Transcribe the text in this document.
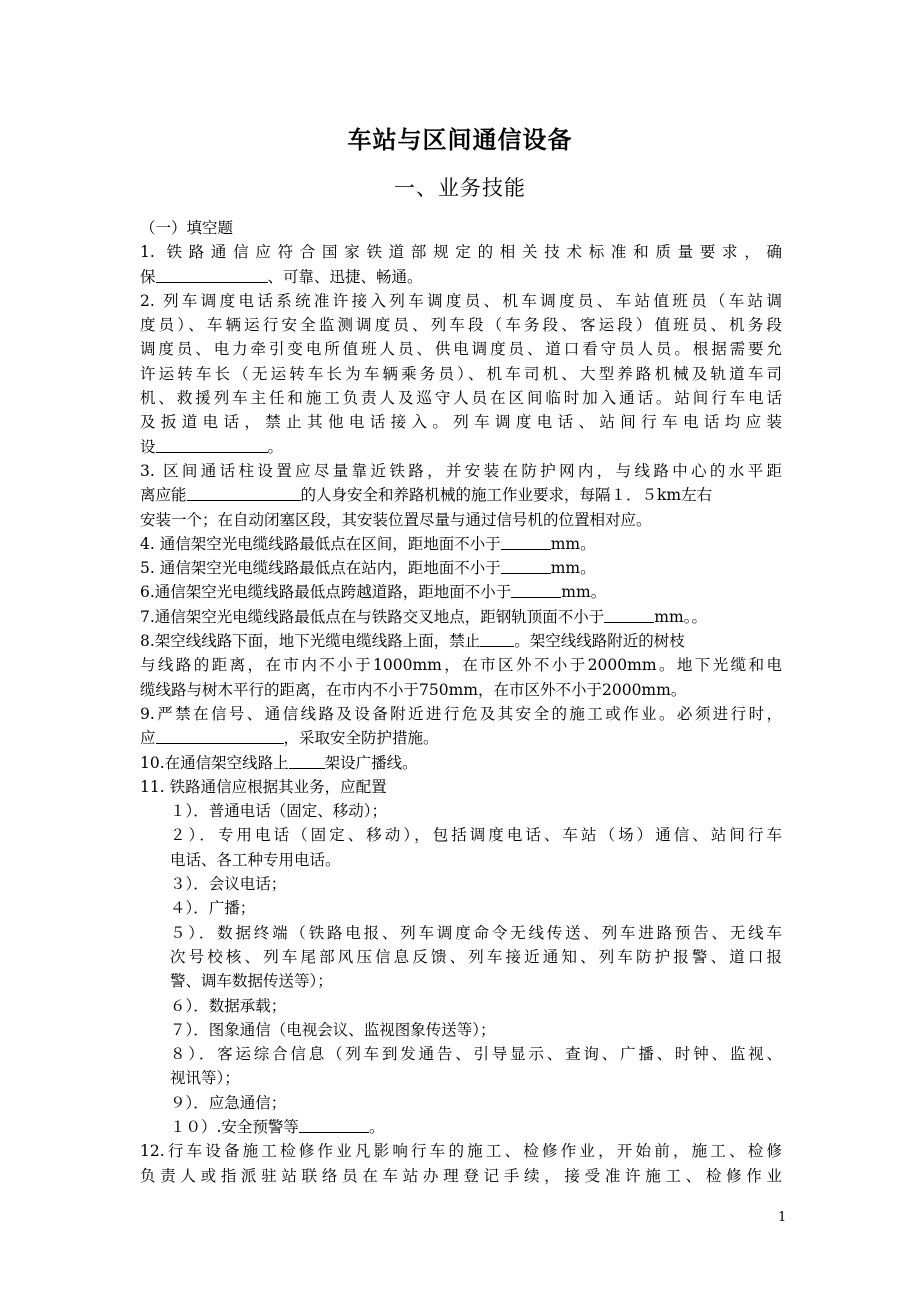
车站与区间通信设备
一、业务技能
（一）填空题
1. 铁路通信应符合国家铁道部规定的相关技术标准和质量要求，确
保	、可靠、迅捷、畅通。
2. 列车调度电话系统准许接入列车调度员、机车调度员、车站值班员（车站调
度员）、车辆运行安全监测调度员、列车段（车务段、客运段）值班员、机务段
调度员、电力牵引变电所值班人员、供电调度员、道口看守员人员。根据需要允
许运转车长（无运转车长为车辆乘务员）、机车司机、大型养路机械及轨道车司
机、救援列车主任和施工负责人及巡守人员在区间临时加入通话。站间行车电话
及扳道电话，禁止其他电话接入。列车调度电话、站间行车电话均应装
设	。
3. 区间通话柱设置应尽量靠近铁路，并安装在防护网内，与线路中心的水平距
离应能	的人身安全和养路机械的施工作业要求，每隔１．５km左右
安装一个；在自动闭塞区段，其安装位置尽量与通过信号机的位置相对应。
4. 通信架空光电缆线路最低点在区间，距地面不小于	mm。
5. 通信架空光电缆线路最低点在站内，距地面不小于	mm。
6.通信架空光电缆线路最低点跨越道路，距地面不小于	mm。
7.通信架空光电缆线路最低点在与铁路交叉地点，距钢轨顶面不小于	mm。。
8.架空线线路下面，地下光缆电缆线路上面，禁止 。架空线线路附近的树枝
与线路的距离，在市内不小于1000mm，在市区外不小于2000mm。地下光缆和电
缆线路与树木平行的距离，在市内不小于750mm，在市区外不小于2000mm。
9.严禁在信号、通信线路及设备附近进行危及其安全的施工或作业。必须进行时，
应	，采取安全防护措施。
10.在通信架空线路上 架设广播线。
11. 铁路通信应根据其业务，应配置
１）．普通电话（固定、移动）；
２）．专用电话（固定、移动），包括调度电话、车站（场）通信、站间行车
电话、各工种专用电话。
３）．会议电话；
４）．广播；
５）．数据终端（铁路电报、列车调度命令无线传送、列车进路预告、无线车
次号校核、列车尾部风压信息反馈、列车接近通知、列车防护报警、道口报
警、调车数据传送等）；
６）．数据承载；
７）．图象通信（电视会议、监视图象传送等）；
８）．客运综合信息（列车到发通告、引导显示、查询、广播、时钟、监视、
视讯等）；
９）．应急通信；
１０）.安全预警等	。
12.行车设备施工检修作业凡影响行车的施工、检修作业，开始前，施工、检修
负责人或指派驻站联络员在车站办理登记手续，接受准许施工、检修作业
1
